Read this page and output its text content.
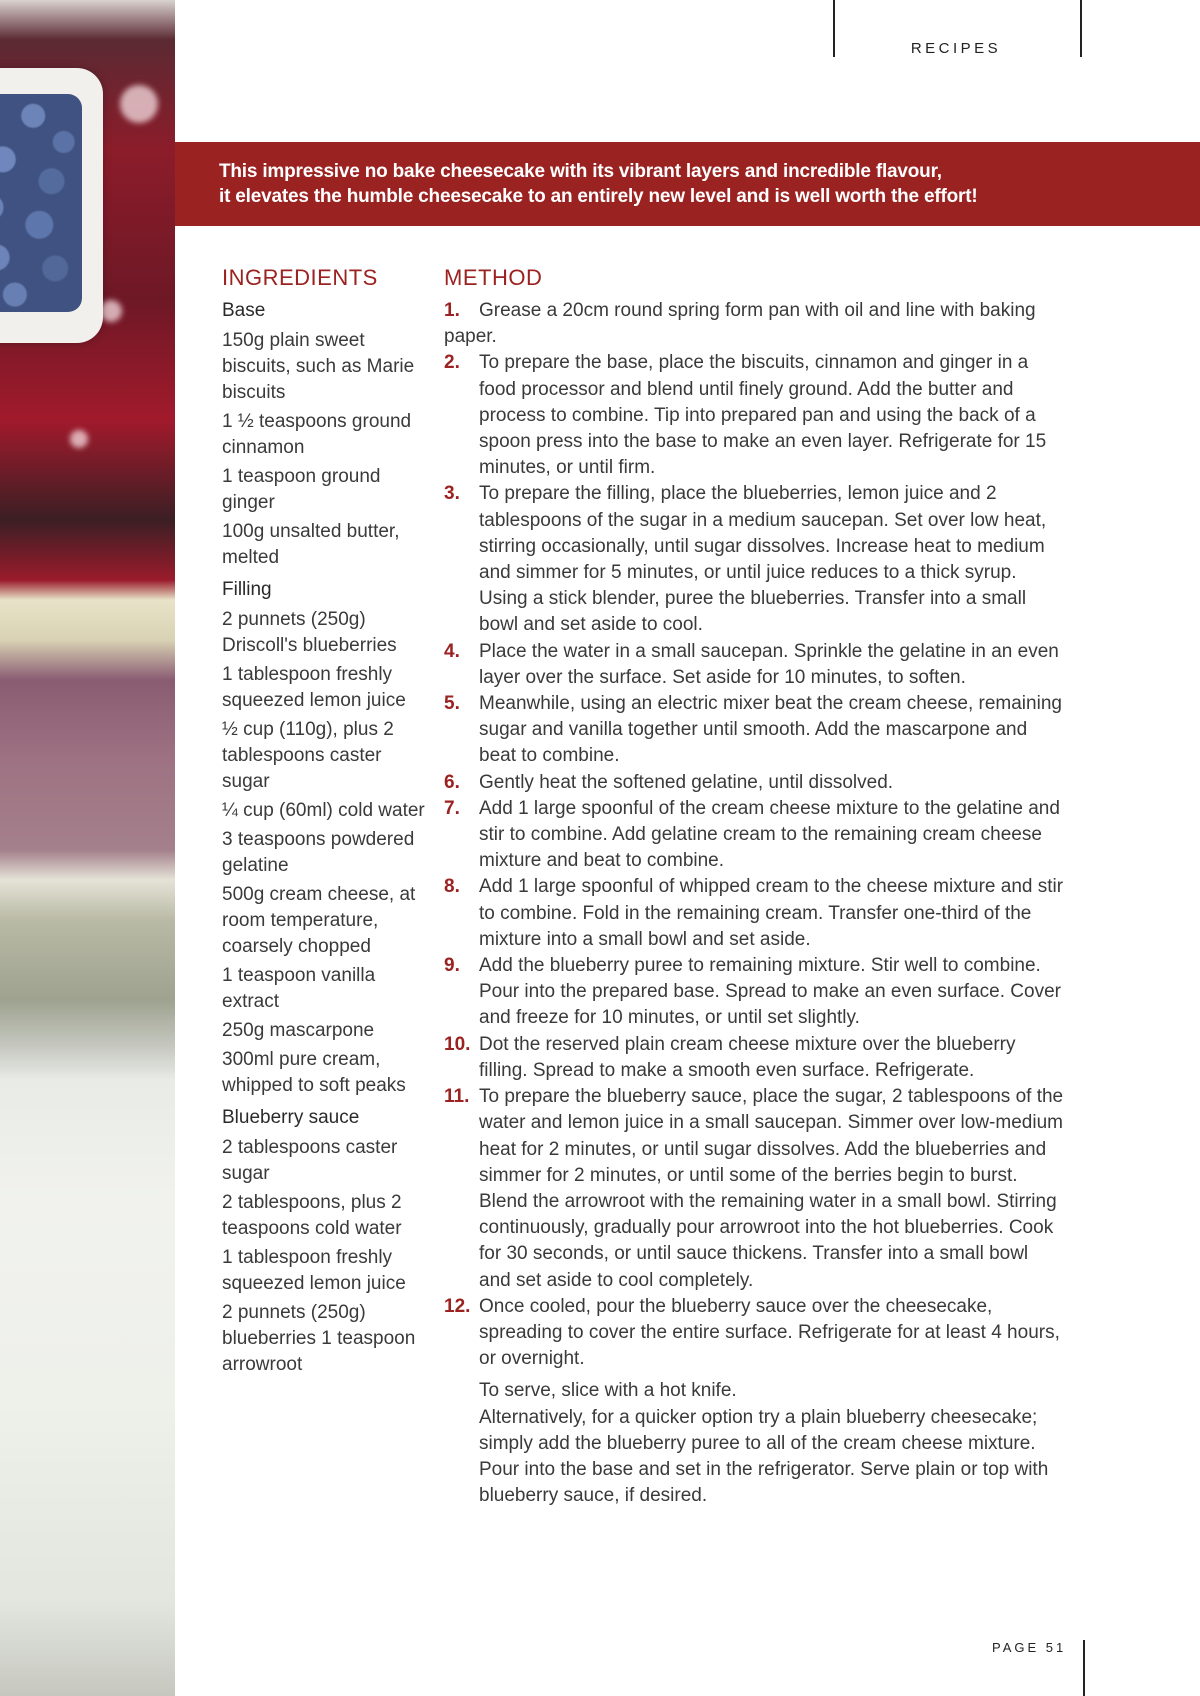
RECIPES

This impressive no bake cheesecake with its vibrant layers and incredible flavour,

it elevates the humble cheesecake to an entirely new level and is well worth the effort!

INGREDIENTS
Base
150g plain sweet biscuits, such as Marie biscuits
1 ½ teaspoons ground cinnamon
1 teaspoon ground ginger
100g unsalted butter, melted
Filling
2 punnets (250g) Driscoll's blueberries
1 tablespoon freshly squeezed lemon juice
½ cup (110g), plus 2 tablespoons caster sugar
¼ cup (60ml) cold water
3 teaspoons powdered gelatine
500g cream cheese, at room temperature, coarsely chopped
1 teaspoon vanilla extract
250g mascarpone
300ml pure cream, whipped to soft peaks
Blueberry sauce
2 tablespoons caster sugar
2 tablespoons, plus 2 teaspoons cold water
1 tablespoon freshly squeezed lemon juice
2 punnets (250g) blueberries 1 teaspoon arrowroot
METHOD
1. Grease a 20cm round spring form pan with oil and line with baking paper.
2. To prepare the base, place the biscuits, cinnamon and ginger in a food processor and blend until finely ground. Add the butter and process to combine. Tip into prepared pan and using the back of a spoon press into the base to make an even layer. Refrigerate for 15 minutes, or until firm.
3. To prepare the filling, place the blueberries, lemon juice and 2 tablespoons of the sugar in a medium saucepan. Set over low heat, stirring occasionally, until sugar dissolves. Increase heat to medium and simmer for 5 minutes, or until juice reduces to a thick syrup. Using a stick blender, puree the blueberries. Transfer into a small bowl and set aside to cool.
4. Place the water in a small saucepan. Sprinkle the gelatine in an even layer over the surface. Set aside for 10 minutes, to soften.
5. Meanwhile, using an electric mixer beat the cream cheese, remaining sugar and vanilla together until smooth. Add the mascarpone and beat to combine.
6. Gently heat the softened gelatine, until dissolved.
7. Add 1 large spoonful of the cream cheese mixture to the gelatine and stir to combine. Add gelatine cream to the remaining cream cheese mixture and beat to combine.
8. Add 1 large spoonful of whipped cream to the cheese mixture and stir to combine. Fold in the remaining cream. Transfer one-third of the mixture into a small bowl and set aside.
9. Add the blueberry puree to remaining mixture. Stir well to combine. Pour into the prepared base. Spread to make an even surface. Cover and freeze for 10 minutes, or until set slightly.
10. Dot the reserved plain cream cheese mixture over the blueberry filling. Spread to make a smooth even surface. Refrigerate.
11. To prepare the blueberry sauce, place the sugar, 2 tablespoons of the water and lemon juice in a small saucepan. Simmer over low-medium heat for 2 minutes, or until sugar dissolves. Add the blueberries and simmer for 2 minutes, or until some of the berries begin to burst. Blend the arrowroot with the remaining water in a small bowl. Stirring continuously, gradually pour arrowroot into the hot blueberries. Cook for 30 seconds, or until sauce thickens. Transfer into a small bowl and set aside to cool completely.
12. Once cooled, pour the blueberry sauce over the cheesecake, spreading to cover the entire surface. Refrigerate for at least 4 hours, or overnight.
To serve, slice with a hot knife.
Alternatively, for a quicker option try a plain blueberry cheesecake; simply add the blueberry puree to all of the cream cheese mixture. Pour into the base and set in the refrigerator. Serve plain or top with blueberry sauce, if desired.
PAGE 51
